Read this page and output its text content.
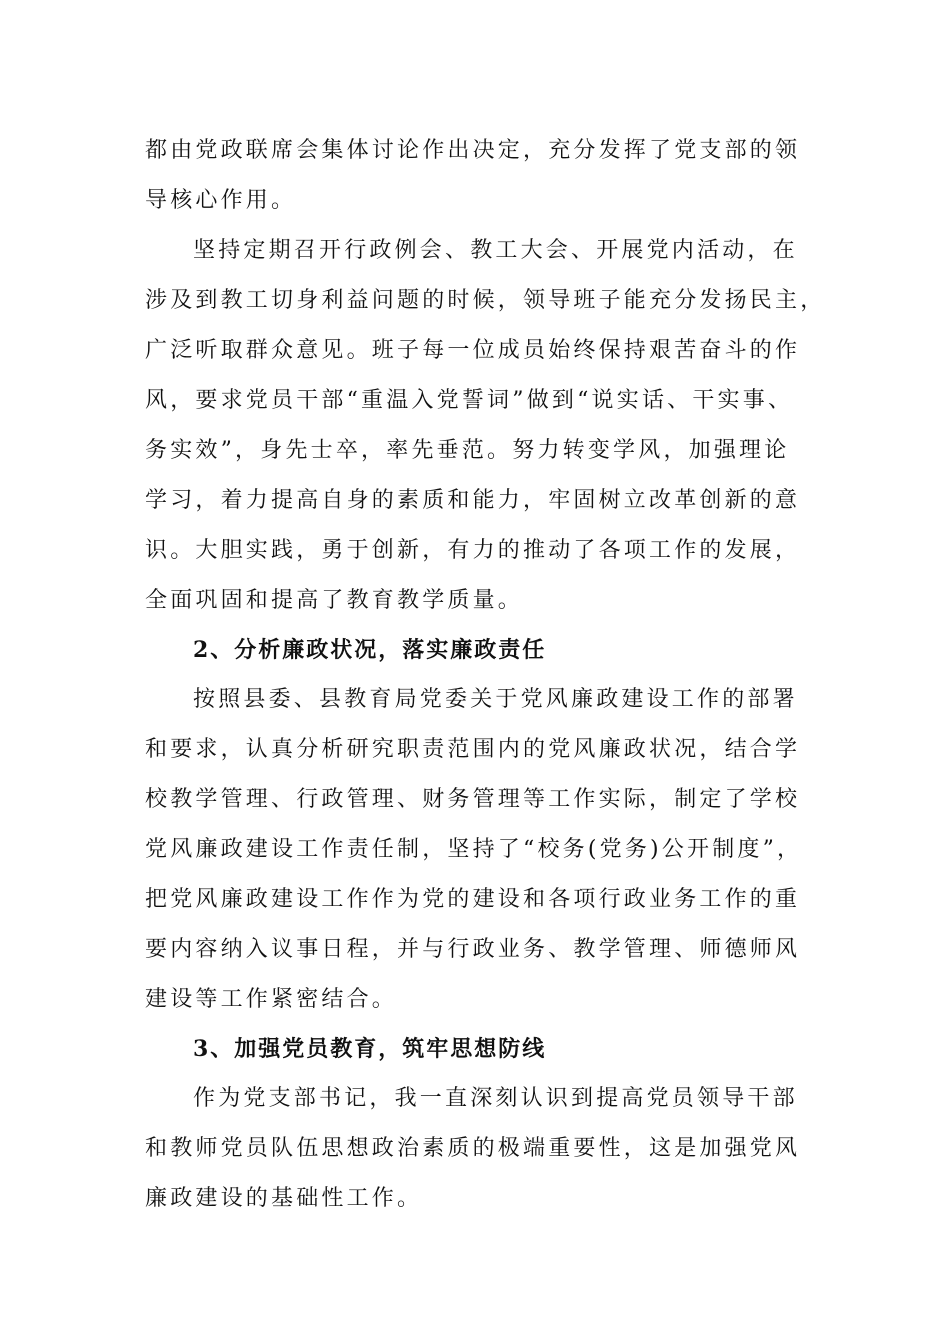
都由党政联席会集体讨论作出决定，充分发挥了党支部的领
导核心作用。
坚持定期召开行政例会、教工大会、开展党内活动，在
涉及到教工切身利益问题的时候，领导班子能充分发扬民主，
广泛听取群众意见。班子每一位成员始终保持艰苦奋斗的作
风，要求党员干部“重温入党誓词”做到“说实话、干实事、
务实效”，身先士卒，率先垂范。努力转变学风，加强理论
学习，着力提高自身的素质和能力，牢固树立改革创新的意
识。大胆实践，勇于创新，有力的推动了各项工作的发展，
全面巩固和提高了教育教学质量。
2、分析廉政状况，落实廉政责任
按照县委、县教育局党委关于党风廉政建设工作的部署
和要求，认真分析研究职责范围内的党风廉政状况，结合学
校教学管理、行政管理、财务管理等工作实际，制定了学校
党风廉政建设工作责任制，坚持了“校务(党务)公开制度”，
把党风廉政建设工作作为党的建设和各项行政业务工作的重
要内容纳入议事日程，并与行政业务、教学管理、师德师风
建设等工作紧密结合。
3、加强党员教育，筑牢思想防线
作为党支部书记，我一直深刻认识到提高党员领导干部
和教师党员队伍思想政治素质的极端重要性，这是加强党风
廉政建设的基础性工作。
